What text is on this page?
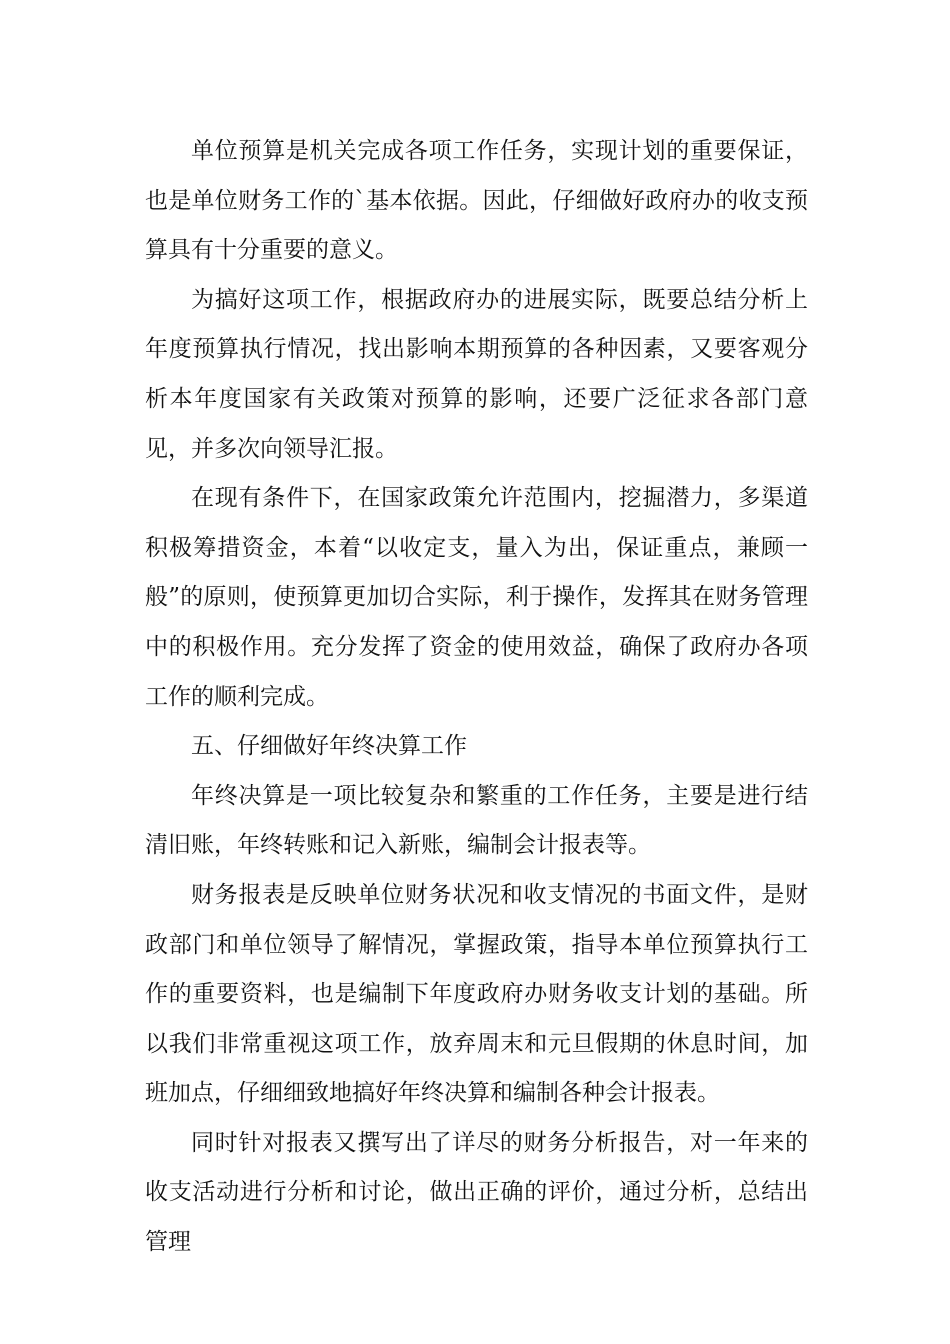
单位预算是机关完成各项工作任务，实现计划的重要保证，也是单位财务工作的`基本依据。因此，仔细做好政府办的收支预算具有十分重要的意义。

为搞好这项工作，根据政府办的进展实际，既要总结分析上年度预算执行情况，找出影响本期预算的各种因素，又要客观分析本年度国家有关政策对预算的影响，还要广泛征求各部门意见，并多次向领导汇报。

在现有条件下，在国家政策允许范围内，挖掘潜力，多渠道积极筹措资金，本着“以收定支，量入为出，保证重点，兼顾一般”的原则，使预算更加切合实际，利于操作，发挥其在财务管理中的积极作用。充分发挥了资金的使用效益，确保了政府办各项工作的顺利完成。

五、仔细做好年终决算工作

年终决算是一项比较复杂和繁重的工作任务，主要是进行结清旧账，年终转账和记入新账，编制会计报表等。

财务报表是反映单位财务状况和收支情况的书面文件，是财政部门和单位领导了解情况，掌握政策，指导本单位预算执行工作的重要资料，也是编制下年度政府办财务收支计划的基础。所以我们非常重视这项工作，放弃周末和元旦假期的休息时间，加班加点，仔细细致地搞好年终决算和编制各种会计报表。

同时针对报表又撰写出了详尽的财务分析报告，对一年来的收支活动进行分析和讨论，做出正确的评价，通过分析，总结出管理
